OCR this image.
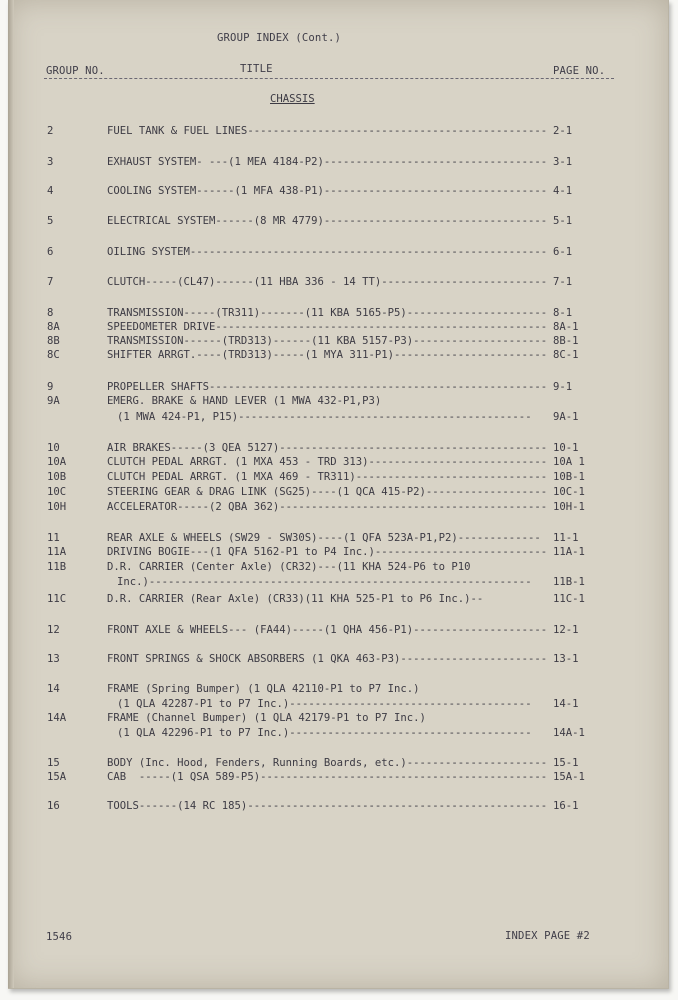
GROUP INDEX (Cont.)
GROUP NO.	TITLE	PAGE NO.
CHASSIS
2	FUEL TANK & FUEL LINES----------------------------------------------- 2-1
3	EXHAUST SYSTEM- ---(1 MEA 4184-P2)----------------------------------- 3-1
4	COOLING SYSTEM------(1 MFA 438-P1)----------------------------------- 4-1
5	ELECTRICAL SYSTEM------(8 MR 4779)----------------------------------- 5-1
6	OILING SYSTEM-------------------------------------------------------- 6-1
7	CLUTCH-----(CL47)------(11 HBA 336 - 14 TT)-------------------------- 7-1
8	TRANSMISSION-----(TR311)-------(11 KBA 5165-P5)---------------------- 8-1
8A	SPEEDOMETER DRIVE---------------------------------------------------- 8A-1
8B	TRANSMISSION------(TRD313)------(11 KBA 5157-P3)--------------------- 8B-1
8C	SHIFTER ARRGT.----(TRD313)-----(1 MYA 311-P1)------------------------ 8C-1
9	PROPELLER SHAFTS----------------------------------------------------- 9-1
9A	EMERG. BRAKE & HAND LEVER (1 MWA 432-P1,P3)
(1 MWA 424-P1, P15)---------------------------------------------- 9A-1
10	AIR BRAKES-----(3 QEA 5127)------------------------------------------ 10-1
10A	CLUTCH PEDAL ARRGT. (1 MXA 453 - TRD 313)---------------------------- 10A 1
10B	CLUTCH PEDAL ARRGT. (1 MXA 469 - TR311)------------------------------ 10B-1
10C	STEERING GEAR & DRAG LINK (SG25)----(1 QCA 415-P2)------------------- 10C-1
10H	ACCELERATOR-----(2 QBA 362)------------------------------------------ 10H-1
11	REAR AXLE & WHEELS (SW29 - SW30S)----(1 QFA 523A-P1,P2)------------- 11-1
11A	DRIVING BOGIE---(1 QFA 5162-P1 to P4 Inc.)--------------------------- 11A-1
11B	D.R. CARRIER (Center Axle) (CR32)---(11 KHA 524-P6 to P10
Inc.)------------------------------------------------------------ 11B-1
11C	D.R. CARRIER (Rear Axle) (CR33)(11 KHA 525-P1 to P6 Inc.)--	11C-1
12	FRONT AXLE & WHEELS--- (FA44)-----(1 QHA 456-P1)--------------------- 12-1
13	FRONT SPRINGS & SHOCK ABSORBERS (1 QKA 463-P3)----------------------- 13-1
14	FRAME (Spring Bumper) (1 QLA 42110-P1 to P7 Inc.)
(1 QLA 42287-P1 to P7 Inc.)-------------------------------------- 14-1
14A	FRAME (Channel Bumper) (1 QLA 42179-P1 to P7 Inc.)
(1 QLA 42296-P1 to P7 Inc.)-------------------------------------- 14A-1
15	BODY (Inc. Hood, Fenders, Running Boards, etc.)---------------------- 15-1
15A	CAB  -----(1 QSA 589-P5)--------------------------------------------- 15A-1
16	TOOLS------(14 RC 185)----------------------------------------------- 16-1
1546	INDEX PAGE #2
